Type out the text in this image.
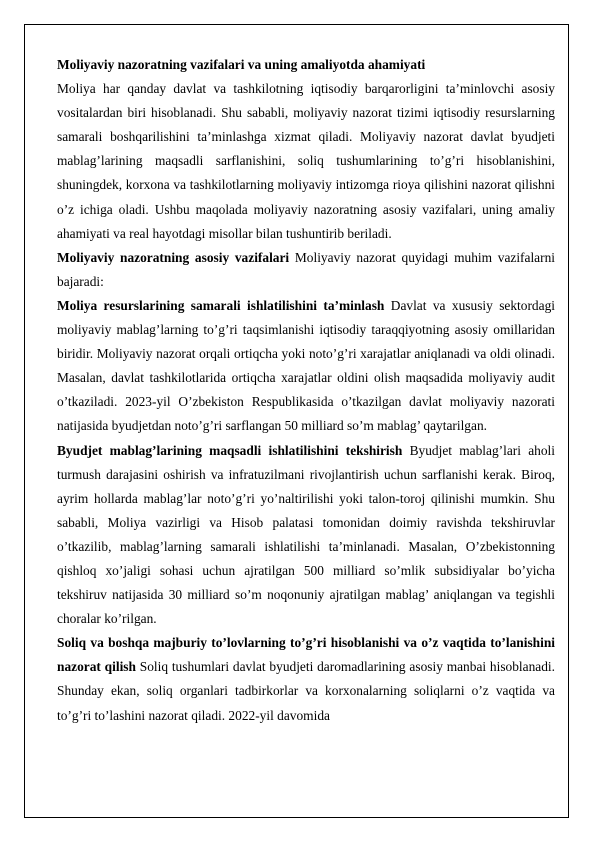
Moliyaviy nazoratning vazifalari va uning amaliyotda ahamiyati

Moliya har qanday davlat va tashkilotning iqtisodiy barqarorligini ta’minlovchi asosiy vositalardan biri hisoblanadi. Shu sababli, moliyaviy nazorat tizimi iqtisodiy resurslarning samarali boshqarilishini ta’minlashga xizmat qiladi. Moliyaviy nazorat davlat byudjeti mablag’larining maqsadli sarflanishini, soliq tushumlarining to’g’ri hisoblanishini, shuningdek, korxona va tashkilotlarning moliyaviy intizomga rioya qilishini nazorat qilishni o’z ichiga oladi. Ushbu maqolada moliyaviy nazoratning asosiy vazifalari, uning amaliy ahamiyati va real hayotdagi misollar bilan tushuntirib beriladi.

Moliyaviy nazoratning asosiy vazifalari Moliyaviy nazorat quyidagi muhim vazifalarni bajaradi:

Moliya resurslarining samarali ishlatilishini ta’minlash Davlat va xususiy sektordagi moliyaviy mablag’larning to’g’ri taqsimlanishi iqtisodiy taraqqiyotning asosiy omillaridan biridir. Moliyaviy nazorat orqali ortiqcha yoki noto’g’ri xarajatlar aniqlanadi va oldi olinadi. Masalan, davlat tashkilotlarida ortiqcha xarajatlar oldini olish maqsadida moliyaviy audit o’tkaziladi. 2023-yil O’zbekiston Respublikasida o’tkazilgan davlat moliyaviy nazorati natijasida byudjetdan noto’g’ri sarflangan 50 milliard so’m mablag’ qaytarilgan.

Byudjet mablag’larining maqsadli ishlatilishini tekshirish Byudjet mablag’lari aholi turmush darajasini oshirish va infratuzilmani rivojlantirish uchun sarflanishi kerak. Biroq, ayrim hollarda mablag’lar noto’g’ri yo’naltirilishi yoki talon-toroj qilinishi mumkin. Shu sababli, Moliya vazirligi va Hisob palatasi tomonidan doimiy ravishda tekshiruvlar o’tkazilib, mablag’larning samarali ishlatilishi ta’minlanadi. Masalan, O’zbekistonning qishloq xo’jaligi sohasi uchun ajratilgan 500 milliard so’mlik subsidiyalar bo’yicha tekshiruv natijasida 30 milliard so’m noqonuniy ajratilgan mablag’ aniqlangan va tegishli choralar ko’rilgan.

Soliq va boshqa majburiy to’lovlarning to’g’ri hisoblanishi va o’z vaqtida to’lanishini nazorat qilish Soliq tushumlari davlat byudjeti daromadlarining asosiy manbai hisoblanadi. Shunday ekan, soliq organlari tadbirkorlar va korxonalarning soliqlarni o’z vaqtida va to’g’ri to’lashini nazorat qiladi. 2022-yil davomida
